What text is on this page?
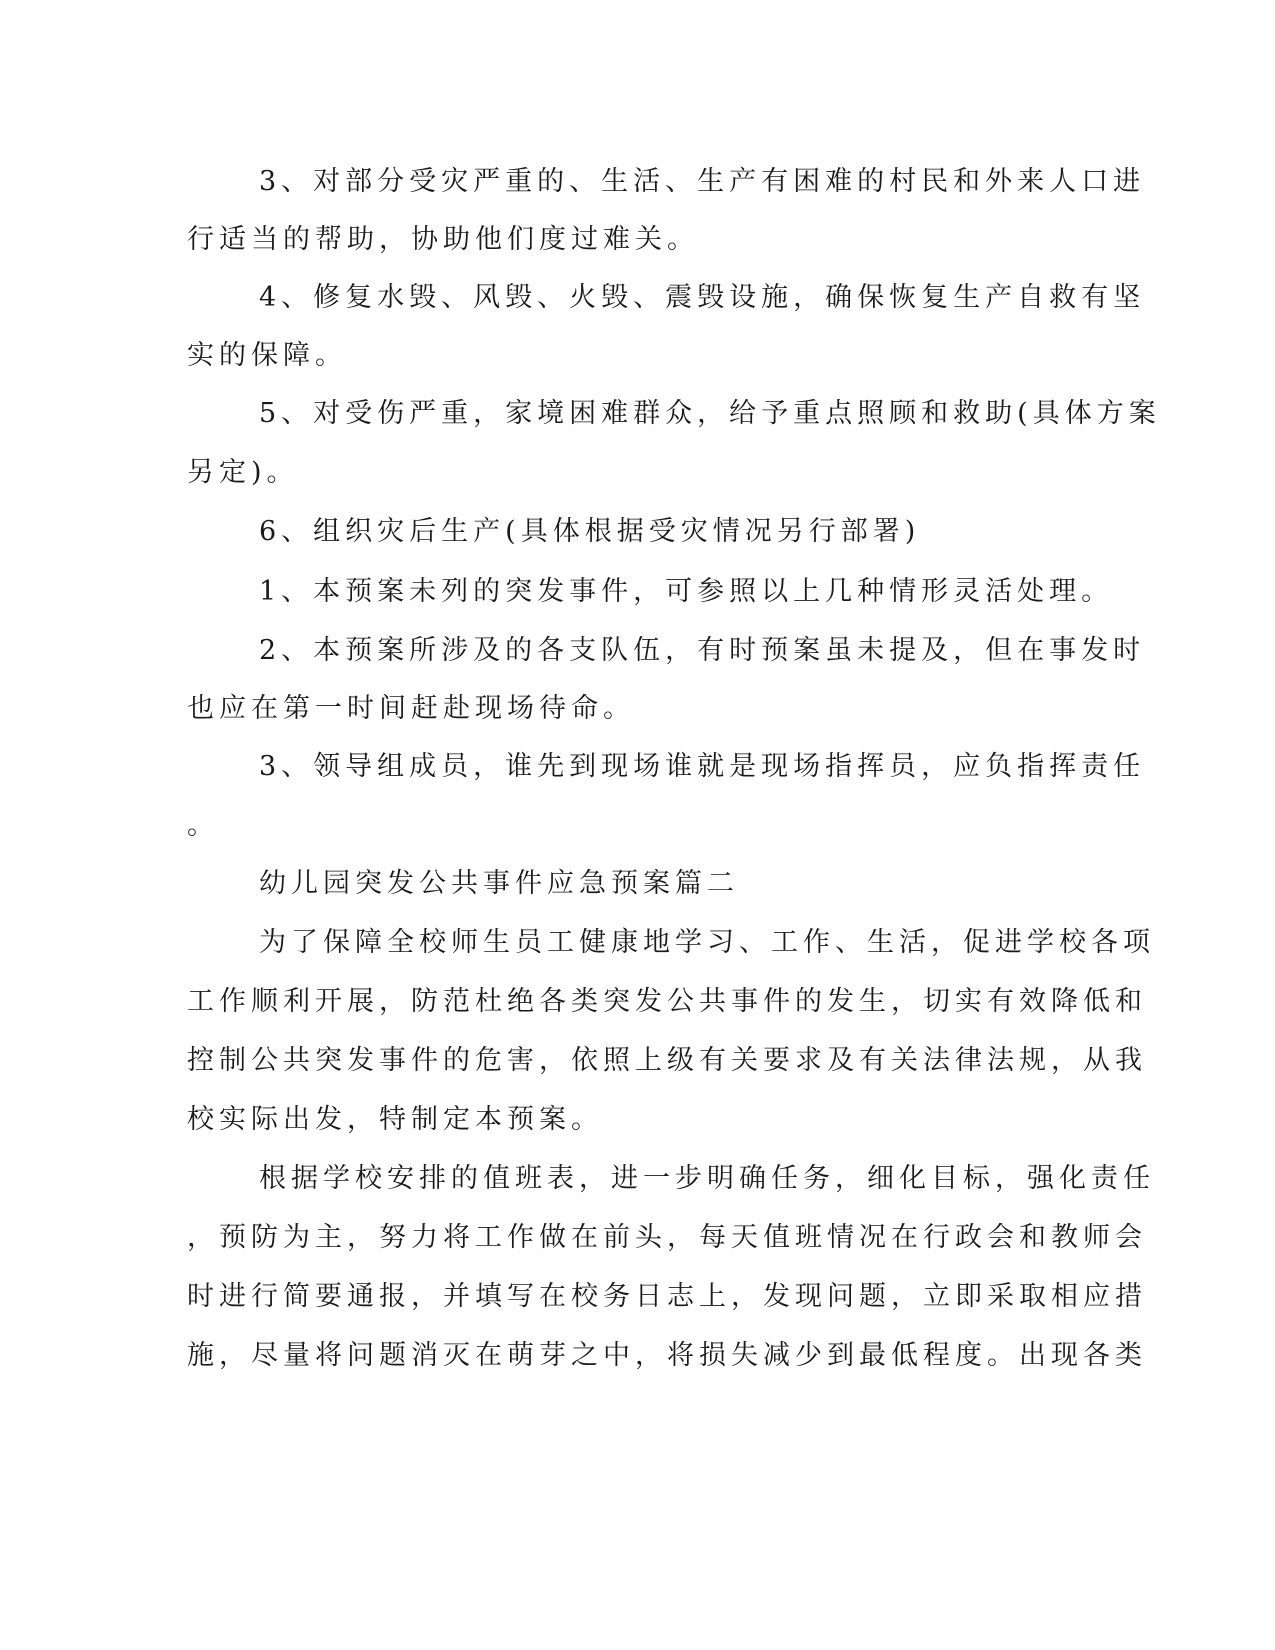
3、对部分受灾严重的、生活、生产有困难的村民和外来人口进

行适当的帮助，协助他们度过难关。

4、修复水毁、风毁、火毁、震毁设施，确保恢复生产自救有坚

实的保障。

5、对受伤严重，家境困难群众，给予重点照顾和救助(具体方案

另定)。

6、组织灾后生产(具体根据受灾情况另行部署)

1、本预案未列的突发事件，可参照以上几种情形灵活处理。

2、本预案所涉及的各支队伍，有时预案虽未提及，但在事发时

也应在第一时间赶赴现场待命。

3、领导组成员，谁先到现场谁就是现场指挥员，应负指挥责任

。

幼儿园突发公共事件应急预案篇二

为了保障全校师生员工健康地学习、工作、生活，促进学校各项

工作顺利开展，防范杜绝各类突发公共事件的发生，切实有效降低和

控制公共突发事件的危害，依照上级有关要求及有关法律法规，从我

校实际出发，特制定本预案。

根据学校安排的值班表，进一步明确任务，细化目标，强化责任

，预防为主，努力将工作做在前头，每天值班情况在行政会和教师会

时进行简要通报，并填写在校务日志上，发现问题，立即采取相应措

施，尽量将问题消灭在萌芽之中，将损失减少到最低程度。出现各类
